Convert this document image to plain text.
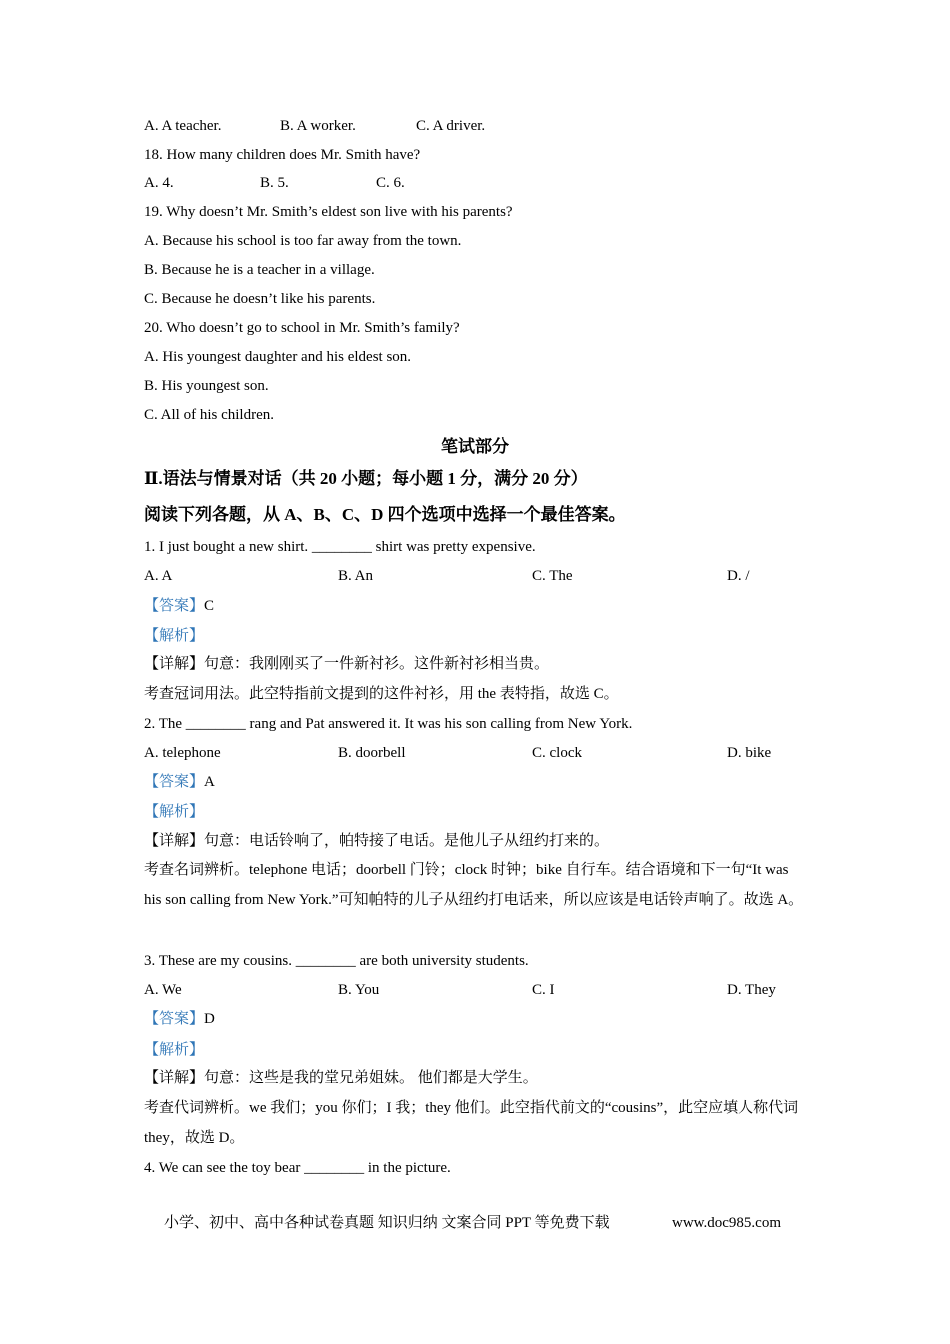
A. A teacher.	B. A worker.	C. A driver.
18. How many children does Mr. Smith have?
A. 4.	B. 5.	C. 6.
19. Why doesn’t Mr. Smith’s eldest son live with his parents?
A. Because his school is too far away from the town.
B. Because he is a teacher in a village.
C. Because he doesn’t like his parents.
20. Who doesn’t go to school in Mr. Smith’s family?
A. His youngest daughter and his eldest son.
B. His youngest son.
C. All of his children.
笔试部分
Ⅱ.语法与情景对话（共 20 小题；每小题 1 分，满分 20 分）
阅读下列各题，从 A、B、C、D 四个选项中选择一个最佳答案。
1. I just bought a new shirt. ________ shirt was pretty expensive.
A. A	B. An	C. The	D. /
【答案】C
【解析】
【详解】句意：我刚刚买了一件新衬衫。这件新衬衫相当贵。
考查冠词用法。此空特指前文提到的这件衬衫，用 the 表特指，故选 C。
2. The ________ rang and Pat answered it. It was his son calling from New York.
A. telephone	B. doorbell	C. clock	D. bike
【答案】A
【解析】
【详解】句意：电话铃响了，帕特接了电话。是他儿子从纽约打来的。
考查名词辨析。telephone 电话；doorbell 门铃；clock 时钟；bike 自行车。结合语境和下一句“It was his son calling from New York.”可知帕特的儿子从纽约打电话来，所以应该是电话铃声响了。故选 A。
3. These are my cousins. ________ are both university students.
A. We	B. You	C. I	D. They
【答案】D
【解析】
【详解】句意：这些是我的堂兄弟姐妹。 他们都是大学生。
考查代词辨析。we 我们；you 你们；I 我；they 他们。此空指代前文的“cousins”，此空应填人称代词 they，故选 D。
4. We can see the toy bear ________ in the picture.
小学、初中、高中各种试卷真题 知识归纳 文案合同 PPT 等免费下载	www.doc985.com
